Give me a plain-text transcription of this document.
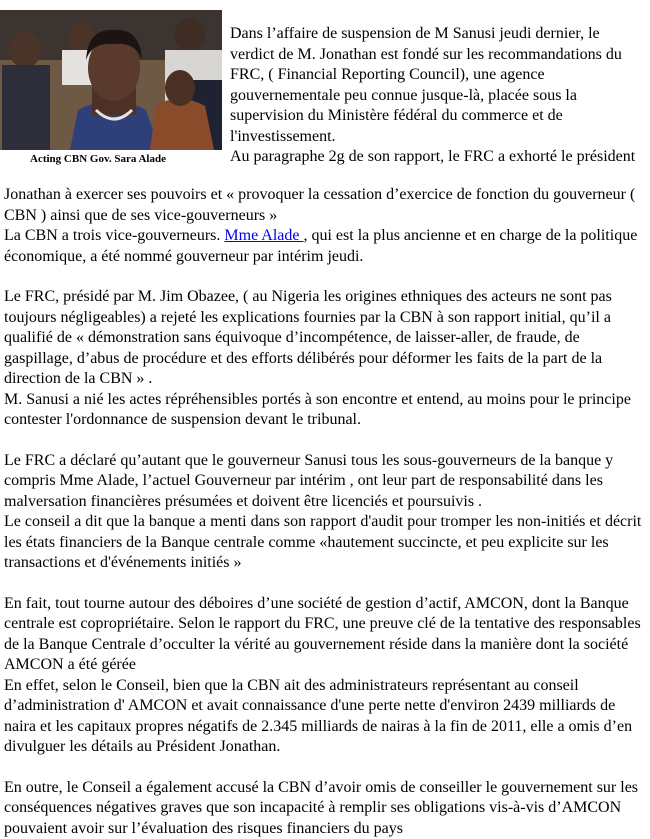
Acting CBN Gov. Sara Alade

Dans l’affaire de suspension de M Sanusi jeudi dernier, le verdict de M. Jonathan est fondé sur les recommandations du FRC, ( Financial Reporting Council), une agence gouvernementale peu connue jusque-là, placée sous la supervision du Ministère fédéral du commerce et de l'investissement.

Au paragraphe 2g de son rapport, le FRC a exhorté le président

Jonathan à exercer ses pouvoirs et « provoquer la cessation d’exercice de fonction du gouverneur ( CBN ) ainsi que de ses vice-gouverneurs »

La CBN a trois vice-gouverneurs. Mme Alade , qui est la plus ancienne et en charge de la politique économique, a été nommé gouverneur par intérim jeudi.

Le FRC, présidé par M. Jim Obazee, ( au Nigeria les origines ethniques des acteurs ne sont pas toujours négligeables) a rejeté les explications fournies par la CBN à son rapport initial, qu’il a qualifié de « démonstration sans équivoque d’incompétence, de laisser-aller, de fraude, de gaspillage, d’abus de procédure et des efforts délibérés pour déformer les faits de la part de la direction de la CBN » .

M. Sanusi a nié les actes répréhensibles portés à son encontre et entend, au moins pour le principe contester l'ordonnance de suspension devant le tribunal.

Le FRC a déclaré qu’autant que le gouverneur Sanusi tous les sous-gouverneurs de la banque y compris Mme Alade, l’actuel Gouverneur par intérim , ont leur part de responsabilité dans les malversation financières présumées et doivent être licenciés et poursuivis .

Le conseil a dit que la banque a menti dans son rapport d'audit pour tromper les non-initiés et décrit les états financiers de la Banque centrale comme «hautement succincte, et peu explicite sur les transactions et d'événements initiés »

En fait, tout tourne autour des déboires d’une société de gestion d’actif, AMCON, dont la Banque centrale est copropriétaire. Selon le rapport du FRC, une preuve clé de la tentative des responsables de la Banque Centrale d’occulter la vérité au gouvernement réside dans la manière dont la société AMCON a été gérée

En effet, selon le Conseil, bien que la CBN ait des administrateurs représentant au conseil d’administration d' AMCON et avait connaissance d'une perte nette d'environ 2439 milliards de naira et les capitaux propres négatifs de 2.345 milliards de nairas à la fin de 2011, elle a omis d’en divulguer les détails au Président Jonathan.

En outre, le Conseil a également accusé la CBN d’avoir omis de conseiller le gouvernement sur les conséquences négatives graves que son incapacité à remplir ses obligations vis-à-vis d’AMCON pouvaient avoir sur l’évaluation des risques financiers du pays
